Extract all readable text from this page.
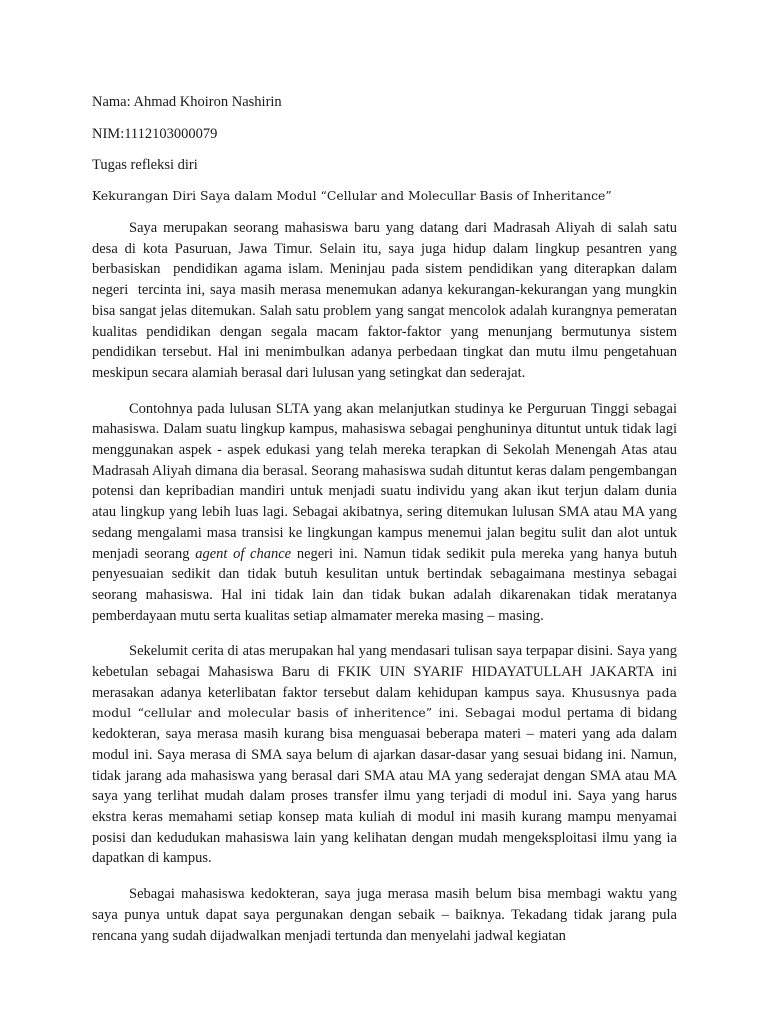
Nama: Ahmad Khoiron Nashirin

NIM:1112103000079

Tugas refleksi diri

Kekurangan Diri Saya dalam Modul “Cellular and Molecullar Basis of Inheritance”

Saya merupakan seorang mahasiswa baru yang datang dari Madrasah Aliyah di salah satu desa di kota Pasuruan, Jawa Timur. Selain itu, saya juga hidup dalam lingkup pesantren yang berbasiskan  pendidikan agama islam. Meninjau pada sistem pendidikan yang diterapkan dalam negeri  tercinta ini, saya masih merasa menemukan adanya kekurangan-kekurangan yang mungkin bisa sangat jelas ditemukan. Salah satu problem yang sangat mencolok adalah kurangnya pemeratan kualitas pendidikan dengan segala macam faktor-faktor yang menunjang bermutunya sistem pendidikan tersebut. Hal ini menimbulkan adanya perbedaan tingkat dan mutu ilmu pengetahuan meskipun secara alamiah berasal dari lulusan yang setingkat dan sederajat.

Contohnya pada lulusan SLTA yang akan melanjutkan studinya ke Perguruan Tinggi sebagai mahasiswa. Dalam suatu lingkup kampus, mahasiswa sebagai penghuninya dituntut untuk tidak lagi menggunakan aspek - aspek edukasi yang telah mereka terapkan di Sekolah Menengah Atas atau Madrasah Aliyah dimana dia berasal. Seorang mahasiswa sudah dituntut keras dalam pengembangan potensi dan kepribadian mandiri untuk menjadi suatu individu yang akan ikut terjun dalam dunia atau lingkup yang lebih luas lagi. Sebagai akibatnya, sering ditemukan lulusan SMA atau MA yang sedang mengalami masa transisi ke lingkungan kampus menemui jalan begitu sulit dan alot untuk menjadi seorang agent of chance negeri ini. Namun tidak sedikit pula mereka yang hanya butuh penyesuaian sedikit dan tidak butuh kesulitan untuk bertindak sebagaimana mestinya sebagai seorang mahasiswa. Hal ini tidak lain dan tidak bukan adalah dikarenakan tidak meratanya pemberdayaan mutu serta kualitas setiap almamater mereka masing – masing.

Sekelumit cerita di atas merupakan hal yang mendasari tulisan saya terpapar disini. Saya yang kebetulan sebagai Mahasiswa Baru di FKIK UIN SYARIF HIDAYATULLAH JAKARTA ini merasakan adanya keterlibatan faktor tersebut dalam kehidupan kampus saya. Khususnya pada modul “cellular and molecular basis of inheritence” ini. Sebagai modul pertama di bidang kedokteran, saya merasa masih kurang bisa menguasai beberapa materi – materi yang ada dalam modul ini. Saya merasa di SMA saya belum di ajarkan dasar-dasar yang sesuai bidang ini. Namun, tidak jarang ada mahasiswa yang berasal dari SMA atau MA yang sederajat dengan SMA atau MA saya yang terlihat mudah dalam proses transfer ilmu yang terjadi di modul ini. Saya yang harus ekstra keras memahami setiap konsep mata kuliah di modul ini masih kurang mampu menyamai posisi dan kedudukan mahasiswa lain yang kelihatan dengan mudah mengeksploitasi ilmu yang ia dapatkan di kampus.

Sebagai mahasiswa kedokteran, saya juga merasa masih belum bisa membagi waktu yang saya punya untuk dapat saya pergunakan dengan sebaik – baiknya. Tekadang tidak jarang pula rencana yang sudah dijadwalkan menjadi tertunda dan menyelahi jadwal kegiatan
